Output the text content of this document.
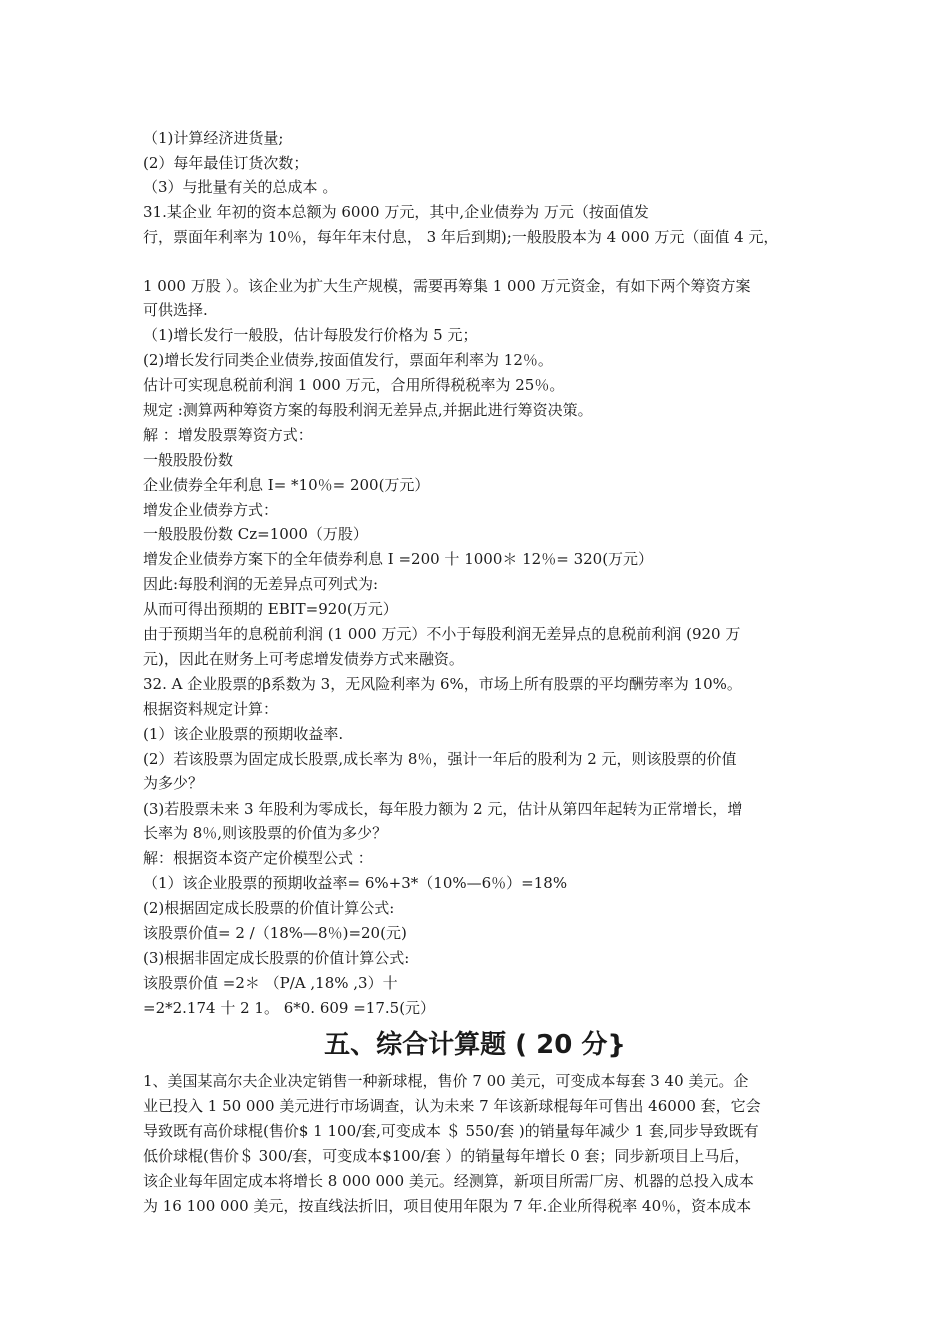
（1)计算经济进货量;
(2）每年最佳订货次数；
（3）与批量有关的总成本 。
31.某企业 年初的资本总额为 6000 万元，其中,企业债券为 万元（按面值发
行，票面年利率为 10％，每年年末付息， 3 年后到期);一般股股本为 4 000 万元（面值 4 元，
1 000 万股 ）。该企业为扩大生产规模，需要再筹集 1 000 万元资金，有如下两个筹资方案
可供选择.
（1)增长发行一般股，估计每股发行价格为 5 元；
(2)增长发行同类企业债券,按面值发行，票面年利率为 12％。
估计可实现息税前利润 1 000 万元，合用所得税税率为 25％。
规定 :测算两种筹资方案的每股利润无差异点,并据此进行筹资决策。
解 ：增发股票筹资方式：
一般股股份数
企业债券全年利息 I= *10％= 200(万元）
增发企业债券方式：
一般股股份数 Cz=1000（万股）
增发企业债券方案下的全年债券利息 I =200 十 1000＊ 12％= 320(万元）
因此:每股利润的无差异点可列式为:
从而可得出预期的 EBIT=920(万元）
由于预期当年的息税前利润 (1 000 万元）不小于每股利润无差异点的息税前利润 (920 万
元)，因此在财务上可考虑增发债券方式来融资。
32. A 企业股票的β系数为 3，无风险利率为 6%，市场上所有股票的平均酬劳率为 10%。
根据资料规定计算：
(1）该企业股票的预期收益率.
(2）若该股票为固定成长股票,成长率为 8％，强计一年后的股利为 2 元，则该股票的价值
为多少？
(3)若股票未来 3 年股利为零成长，每年股力额为 2 元，估计从第四年起转为正常增长，增
长率为 8％,则该股票的价值为多少？
解：根据资本资产定价模型公式 ：
（1）该企业股票的预期收益率= 6%+3*（10%—6％）=18%
(2)根据固定成长股票的价值计算公式:
该股票价值= 2 /（18%—8％)=20(元)
(3)根据非固定成长股票的价值计算公式:
该股票价值 =2＊ （P/A ,18% ,3）十
=2*2.174 十 2 1。 6*0. 609 =17.5(元）
五、综合计算题 ( 20 分}
1、美国某高尔夫企业决定销售一种新球棍，售价 7 00 美元，可变成本每套 3 40 美元。企
业已投入 1 50 000 美元进行市场调查，认为未来 7 年该新球棍每年可售出 46000 套，它会
导致既有高价球棍(售价$ 1 100/套,可变成本 ＄ 550/套 )的销量每年减少 1 套,同步导致既有
低价球棍(售价＄ 300/套，可变成本$100/套 ）的销量每年增长 0 套；同步新项目上马后，
该企业每年固定成本将增长 8 000 000 美元。经测算，新项目所需厂房、机器的总投入成本
为 16 100 000 美元，按直线法折旧，项目使用年限为 7 年.企业所得税率 40％，资本成本
